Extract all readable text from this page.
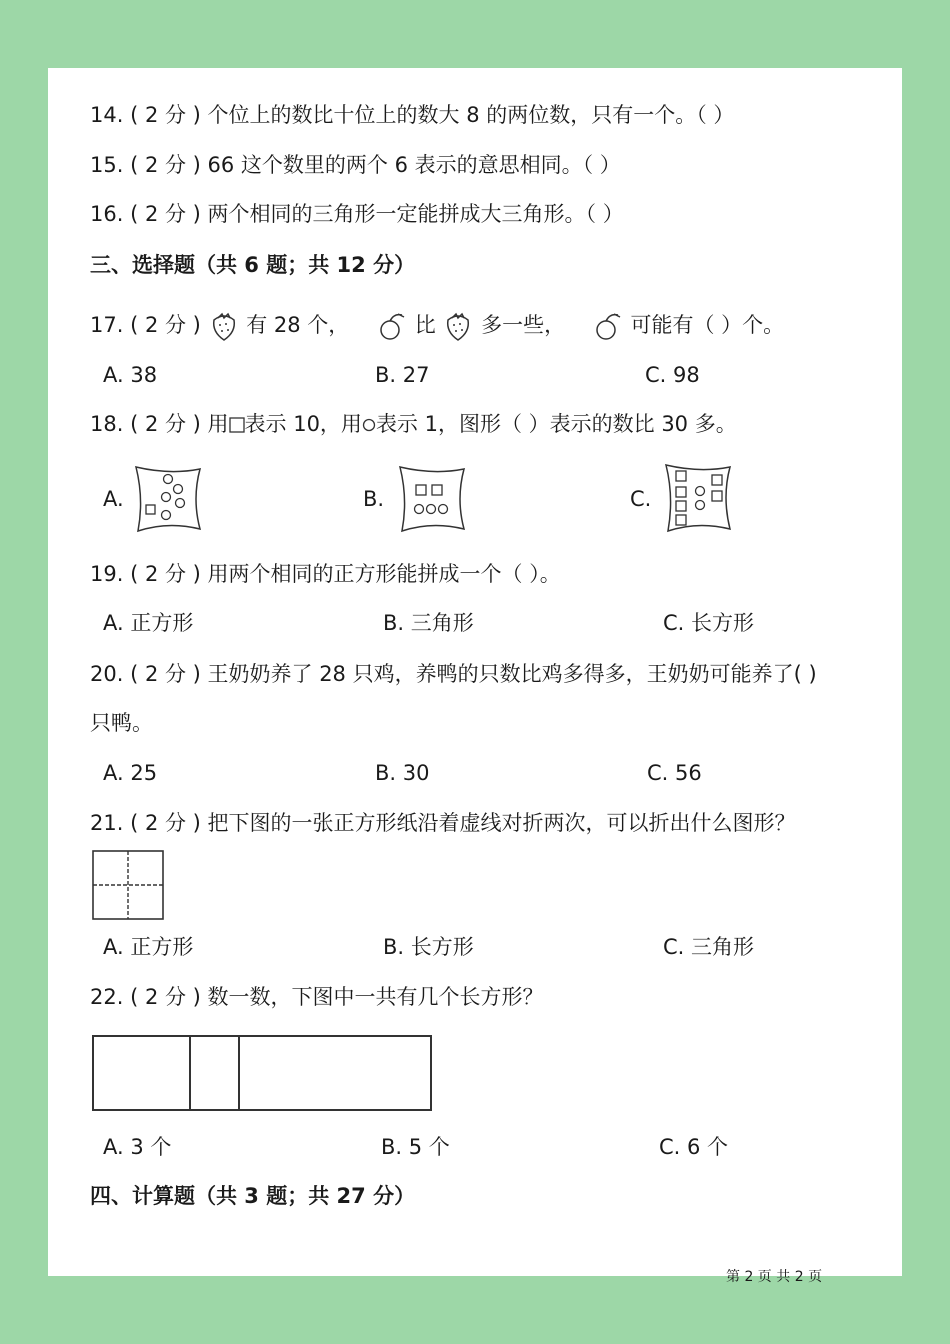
14. ( 2 分 ) 个位上的数比十位上的数大 8 的两位数，只有一个。（ ）
15. ( 2 分 ) 66 这个数里的两个 6 表示的意思相同。（ ）
16. ( 2 分 ) 两个相同的三角形一定能拼成大三角形。（ ）
三、选择题（共 6 题；共 12 分）
17. ( 2 分 ) 有 28 个，	比 多一些，	可能有（ ）个。
A. 38	B. 27	C. 98
18. ( 2 分 ) 用 表示 10，用 表示 1，图形（ ）表示的数比 30 多。
A.	B.	C.
19. ( 2 分 ) 用两个相同的正方形能拼成一个（ ）。
A. 正方形	B. 三角形	C. 长方形
20. ( 2 分 ) 王奶奶养了 28 只鸡，养鸭的只数比鸡多得多，王奶奶可能养了( )
只鸭。
A. 25	B. 30	C. 56
21. ( 2 分 ) 把下图的一张正方形纸沿着虚线对折两次，可以折出什么图形？
A. 正方形	B. 长方形	C. 三角形
22. ( 2 分 ) 数一数，下图中一共有几个长方形？
A. 3 个	B. 5 个	C. 6 个
四、计算题（共 3 题；共 27 分）
第 2 页 共 2 页
